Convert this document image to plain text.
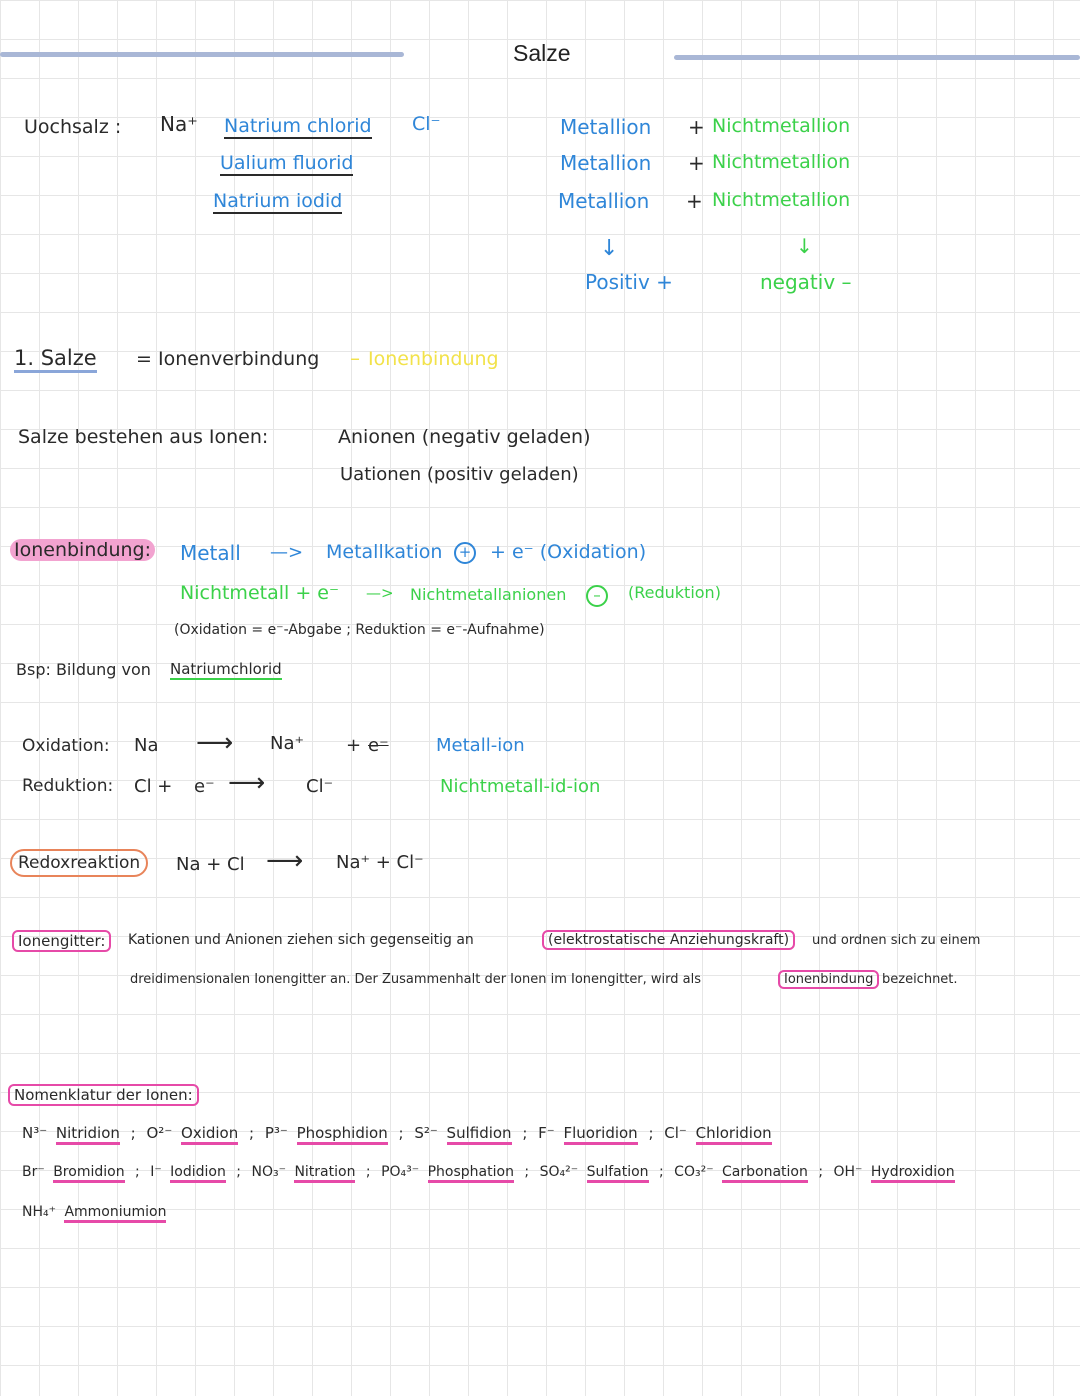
Salze
Uochsalz : Na⁺ Natrium chlorid Cl⁻
Ualium fluorid
Natrium iodid
Metallion + Nichtmetallion
Metallion + Nichtmetallion
Metallion + Nichtmetallion
↓	↓
Positiv +	negativ –
1. Salze = Ionenverbindung – Ionenbindung
Salze bestehen aus Ionen:	Anionen (negativ geladen)
Uationen (positiv geladen)
Ionenbindung: Metall —> Metallkation	+ + e⁻ (Oxidation)
Nichtmetall + e⁻ —> Nichtmetallanionen	–	(Reduktion)
(Oxidation = e⁻-Abgabe ; Reduktion = e⁻-Aufnahme)
Bsp: Bildung von Natriumchlorid
Oxidation: Na ⟶ Na⁺ + e⁻	Metall-ion
Reduktion: Cl + e⁻ ⟶ Cl⁻	Nichtmetall-id-ion
Redoxreaktion	Na + Cl ⟶ Na⁺ + Cl⁻
Ionengitter:	Kationen und Anionen ziehen sich gegenseitig an	(elektrostatische Anziehungskraft)	und ordnen sich zu einem
dreidimensionalen Ionengitter an. Der Zusammenhalt der Ionen im Ionengitter, wird als	Ionenbindung bezeichnet.
Nomenklatur der Ionen:
N³⁻ Nitridion ; O²⁻ Oxidion ; P³⁻ Phosphidion ; S²⁻ Sulfidion ; F⁻ Fluoridion ; Cl⁻ Chloridion
Br⁻ Bromidion ; I⁻ Iodidion ; NO₃⁻ Nitration ; PO₄³⁻ Phosphation ; SO₄²⁻ Sulfation ; CO₃²⁻ Carbonation ; OH⁻ Hydroxidion
NH₄⁺ Ammoniumion
